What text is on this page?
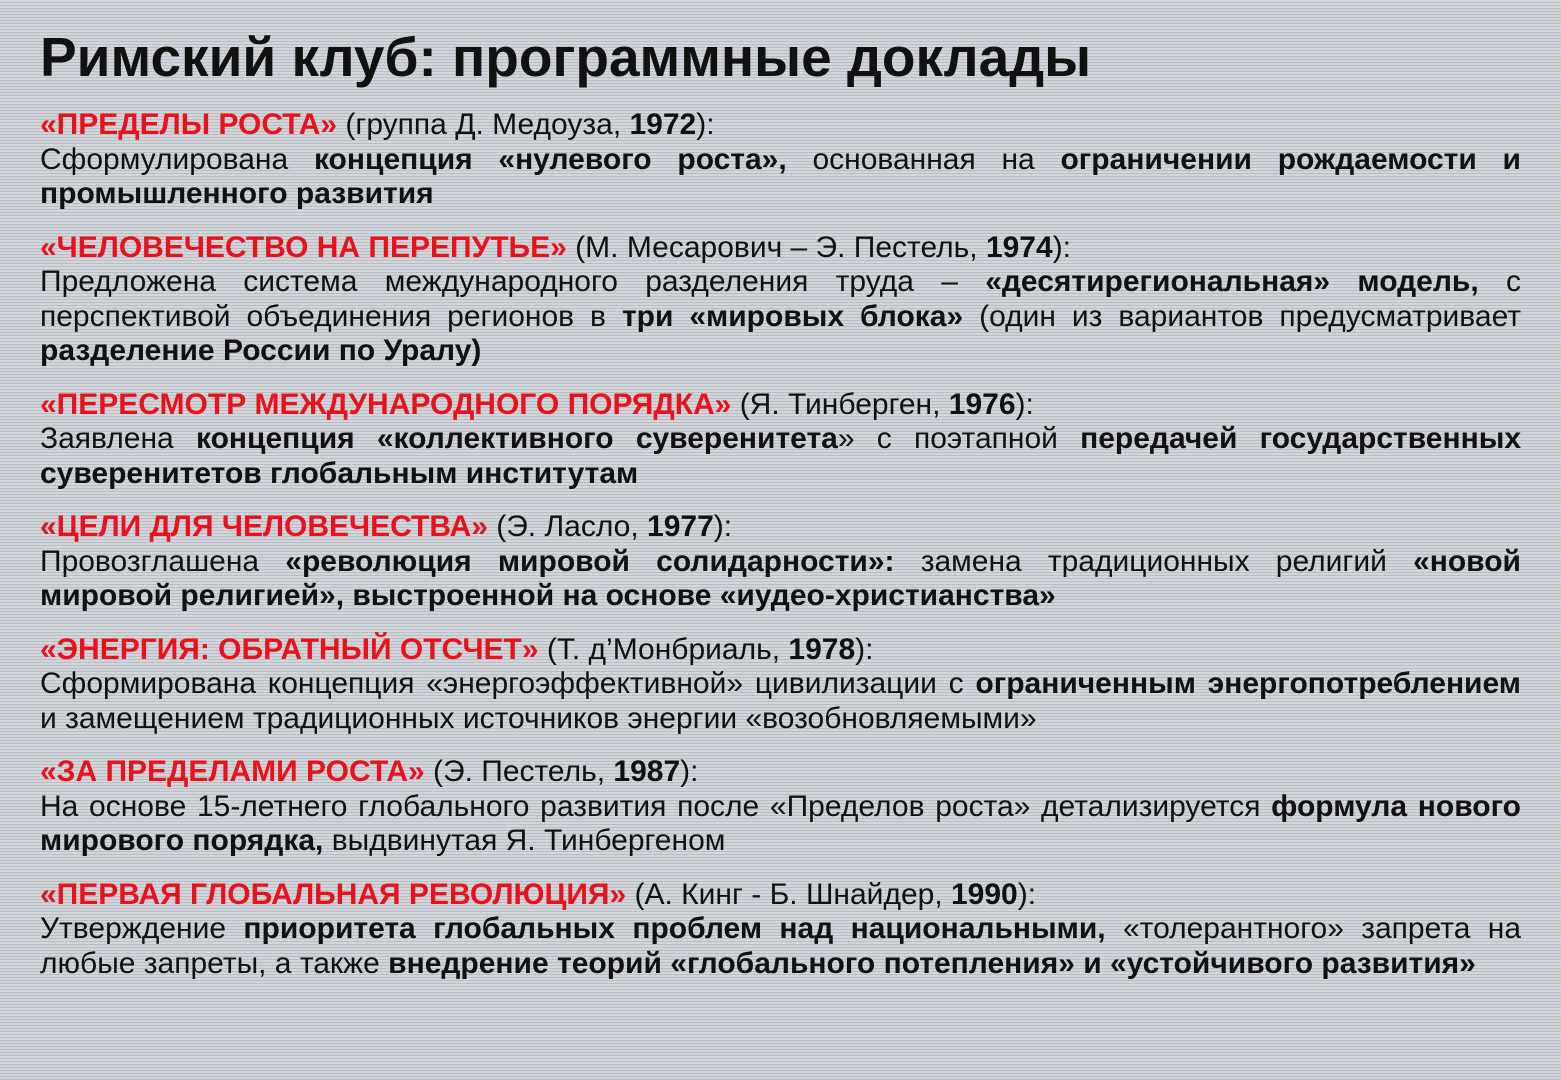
Римский клуб: программные доклады
«ПРЕДЕЛЫ РОСТА» (группа Д. Медоуза, 1972):
Сформулирована концепция «нулевого роста», основанная на ограничении рождаемости и промышленного развития
«ЧЕЛОВЕЧЕСТВО НА ПЕРЕПУТЬЕ» (М. Месарович – Э. Пестель, 1974):
Предложена система международного разделения труда – «десятирегиональная» модель, с перспективой объединения регионов в три «мировых блока» (один из вариантов предусматривает разделение России по Уралу)
«ПЕРЕСМОТР МЕЖДУНАРОДНОГО ПОРЯДКА» (Я. Тинберген, 1976):
Заявлена концепция «коллективного суверенитета» с поэтапной передачей государственных суверенитетов глобальным институтам
«ЦЕЛИ ДЛЯ ЧЕЛОВЕЧЕСТВА» (Э. Ласло, 1977):
Провозглашена «революция мировой солидарности»: замена традиционных религий «новой мировой религией», выстроенной на основе «иудео-христианства»
«ЭНЕРГИЯ: ОБРАТНЫЙ ОТСЧЕТ» (Т. д’Монбриаль, 1978):
Сформирована концепция «энергоэффективной» цивилизации с ограниченным энергопотреблением и замещением традиционных источников энергии «возобновляемыми»
«ЗА ПРЕДЕЛАМИ РОСТА» (Э. Пестель, 1987):
На основе 15-летнего глобального развития после «Пределов роста» детализируется формула нового мирового порядка, выдвинутая Я. Тинбергеном
«ПЕРВАЯ ГЛОБАЛЬНАЯ РЕВОЛЮЦИЯ» (А. Кинг - Б. Шнайдер, 1990):
Утверждение приоритета глобальных проблем над национальными, «толерантного» запрета на любые запреты, а также внедрение теорий «глобального потепления» и «устойчивого развития»
